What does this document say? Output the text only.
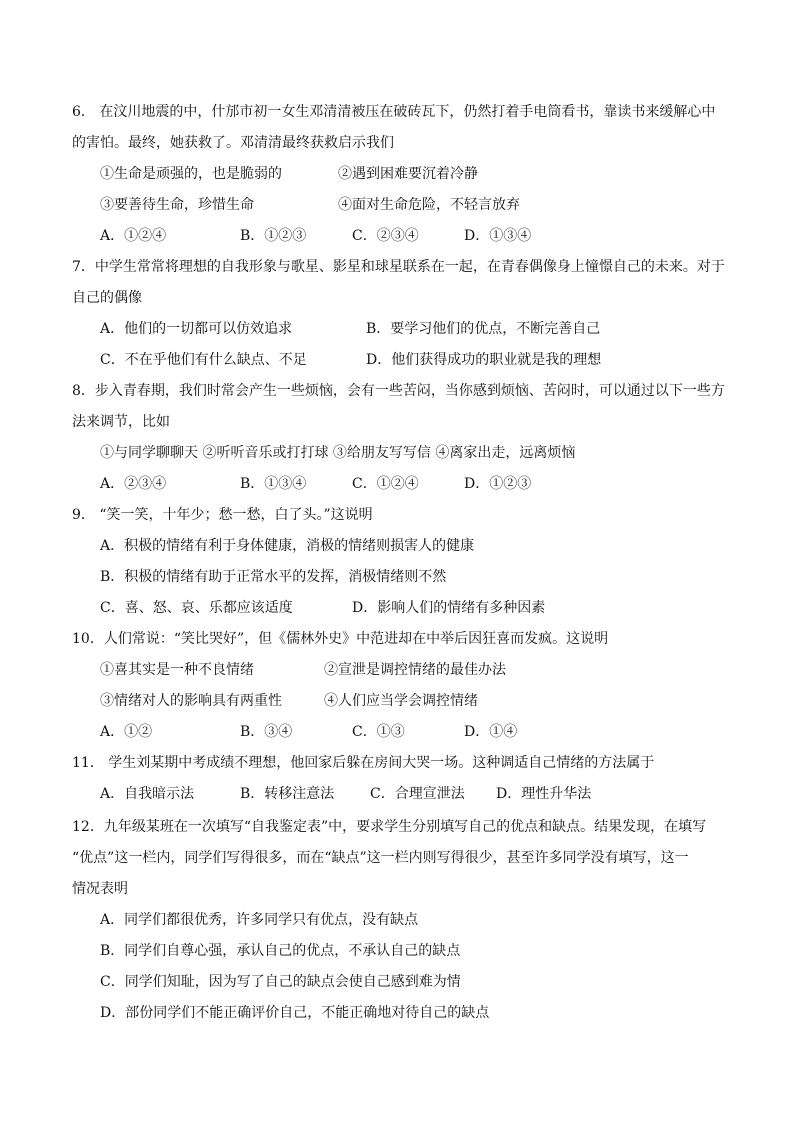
6． 在汶川地震的中，什邡市初一女生邓清清被压在破砖瓦下，仍然打着手电筒看书，靠读书来缓解心中
的害怕。最终，她获救了。邓清清最终获救启示我们
①生命是顽强的，也是脆弱的	②遇到困难要沉着冷静
③要善待生命，珍惜生命	④面对生命危险，不轻言放弃
A．①②④	B．①②③	C．②③④	D．①③④
7．中学生常常将理想的自我形象与歌星、影星和球星联系在一起，在青春偶像身上憧憬自己的未来。对于
自己的偶像
A．他们的一切都可以仿效追求	B．要学习他们的优点，不断完善自己
C．不在乎他们有什么缺点、不足	D．他们获得成功的职业就是我的理想
8．步入青春期，我们时常会产生一些烦恼，会有一些苦闷，当你感到烦恼、苦闷时，可以通过以下一些方
法来调节，比如
①与同学聊聊天 ②听听音乐或打打球 ③给朋友写写信 ④离家出走，远离烦恼
A．②③④	B．①③④	C．①②④	D．①②③
9． “笑一笑，十年少；愁一愁，白了头。”这说明
A．积极的情绪有利于身体健康，消极的情绪则损害人的健康
B．积极的情绪有助于正常水平的发挥，消极情绪则不然
C．喜、怒、哀、乐都应该适度	D．影响人们的情绪有多种因素
10．人们常说：“笑比哭好”，但《儒林外史》中范进却在中举后因狂喜而发疯。这说明
①喜其实是一种不良情绪	②宣泄是调控情绪的最佳办法
③情绪对人的影响具有两重性	④人们应当学会调控情绪
A．①②	B．③④	C．①③	D．①④
11． 学生刘某期中考成绩不理想，他回家后躲在房间大哭一场。这种调适自己情绪的方法属于
A．自我暗示法	B．转移注意法	C．合理宣泄法 D．理性升华法
12．九年级某班在一次填写“自我鉴定表”中，要求学生分别填写自己的优点和缺点。结果发现，在填写
“优点”这一栏内，同学们写得很多，而在“缺点”这一栏内则写得很少，甚至许多同学没有填写，这一
情况表明
A．同学们都很优秀，许多同学只有优点，没有缺点
B．同学们自尊心强，承认自己的优点，不承认自己的缺点
C．同学们知耻，因为写了自己的缺点会使自己感到难为情
D．部份同学们不能正确评价自己，不能正确地对待自己的缺点
